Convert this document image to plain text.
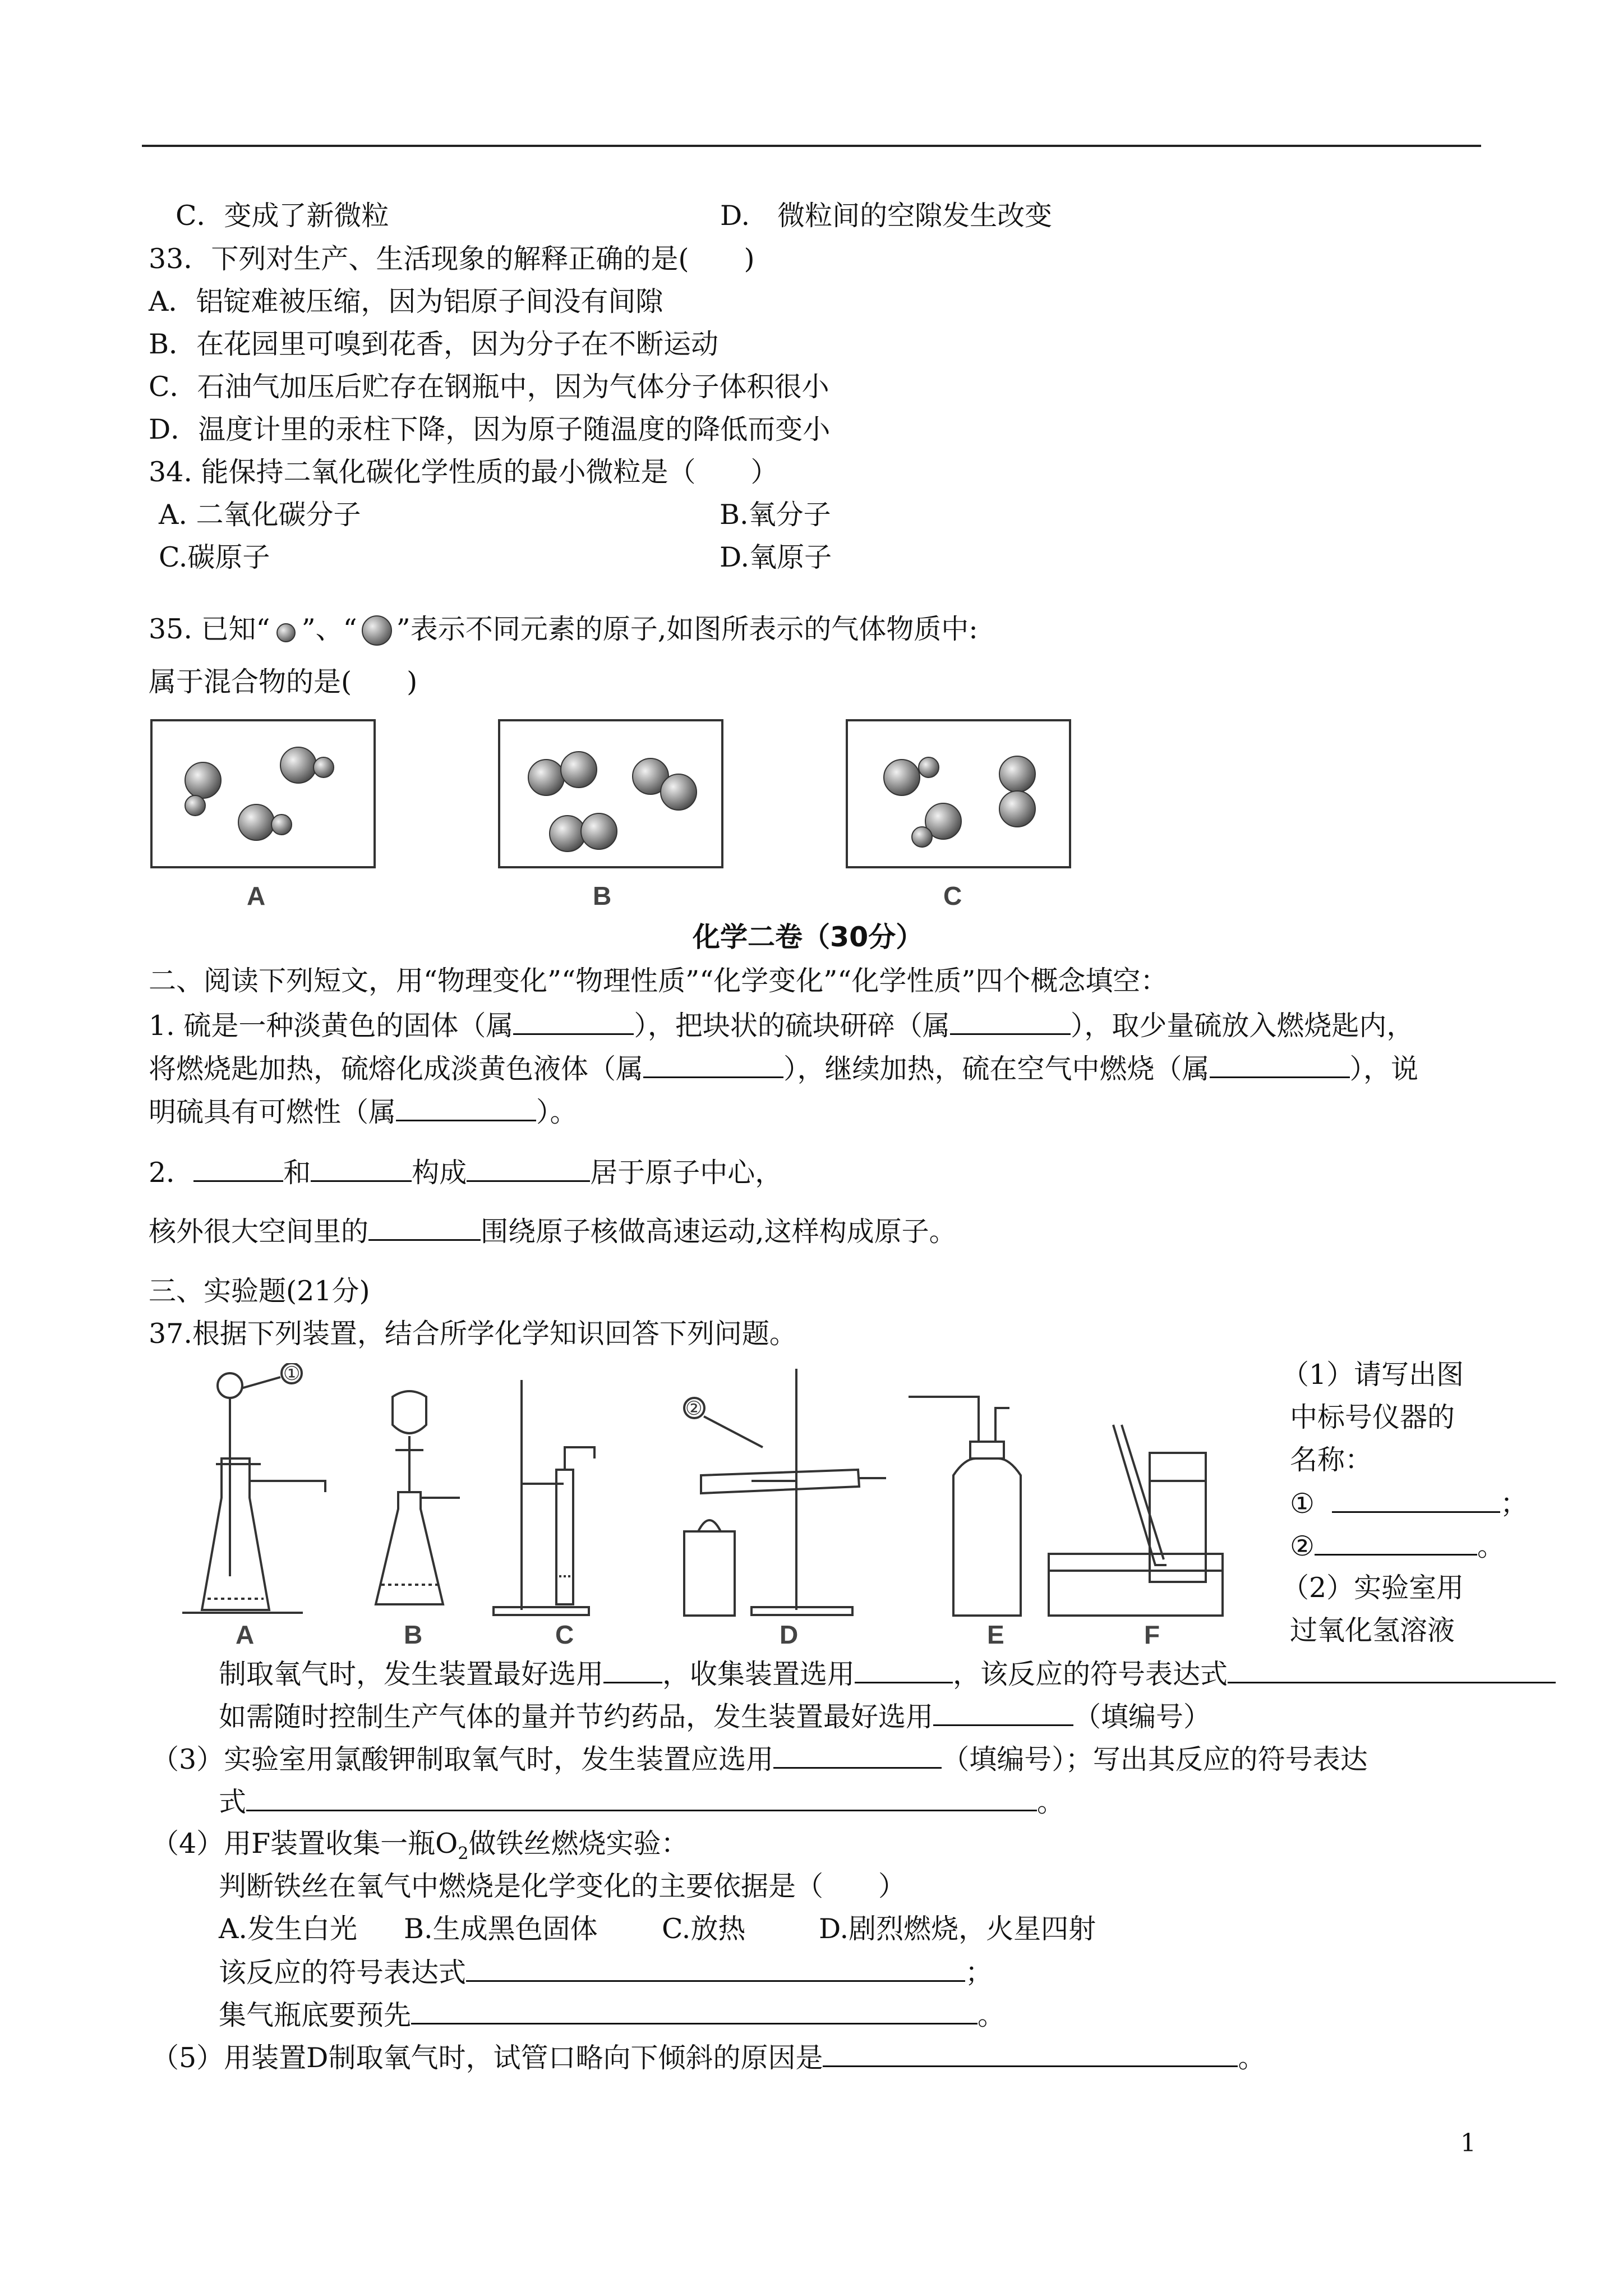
C．变成了新微粒	D.　微粒间的空隙发生改变
33．下列对生产、生活现象的解释正确的是(　　)
A．铝锭难被压缩，因为铝原子间没有间隙
B．在花园里可嗅到花香，因为分子在不断运动
C．石油气加压后贮存在钢瓶中，因为气体分子体积很小
D．温度计里的汞柱下降，因为原子随温度的降低而变小
34. 能保持二氧化碳化学性质的最小微粒是（　　）
A. 二氧化碳分子	B.氧分子
C.碳原子	D.氧原子
35. 已知“ ”、“ ”表示不同元素的原子,如图所表示的气体物质中:
属于混合物的是(　　)
A	B	C
化学二卷（30分）
二、阅读下列短文，用“物理变化”“物理性质”“化学变化”“化学性质”四个概念填空：
1. 硫是一种淡黄色的固体（属	），把块状的硫块研碎（属	），取少量硫放入燃烧匙内，
将燃烧匙加热，硫熔化成淡黄色液体（属	），继续加热，硫在空气中燃烧（属	），说
明硫具有可燃性（属	）。
2．	和	构成	居于原子中心，
核外很大空间里的	围绕原子核做高速运动,这样构成原子。
三、实验题(21分)
37.根据下列装置，结合所学化学知识回答下列问题。
A	B	C	D	E	F
①
②
（1）请写出图
中标号仪器的
名称：
①	；
②	。
（2）实验室用
过氧化氢溶液
制取氧气时，发生装置最好选用 ，收集装置选用	，该反应的符号表达式
如需随时控制生产气体的量并节约药品，发生装置最好选用	（填编号）
（3）实验室用氯酸钾制取氧气时，发生装置应选用	（填编号）；写出其反应的符号表达
式	。
（4）用F装置收集一瓶$O_2$做铁丝燃烧实验：
判断铁丝在氧气中燃烧是化学变化的主要依据是（　　）
A.发生白光 B.生成黑色固体 C.放热	D.剧烈燃烧，火星四射
该反应的符号表达式	；
集气瓶底要预先	。
（5）用装置D制取氧气时，试管口略向下倾斜的原因是	。
1
